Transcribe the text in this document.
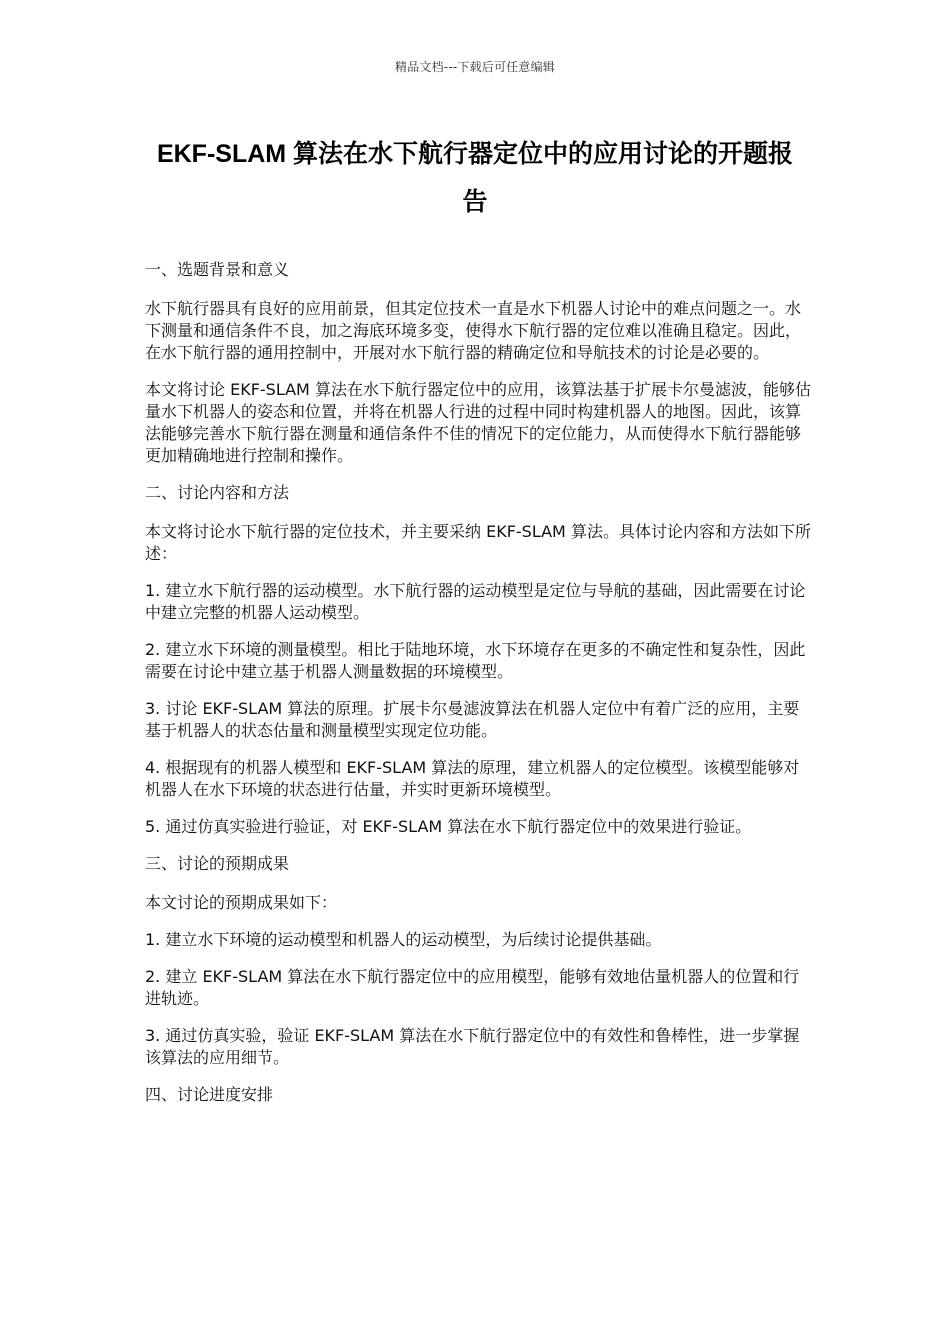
精品文档---下载后可任意编辑
EKF-SLAM 算法在水下航行器定位中的应用讨论的开题报告

一、选题背景和意义

水下航行器具有良好的应用前景，但其定位技术一直是水下机器人讨论中的难点问题之一。水下测量和通信条件不良，加之海底环境多变，使得水下航行器的定位难以准确且稳定。因此，在水下航行器的通用控制中，开展对水下航行器的精确定位和导航技术的讨论是必要的。

本文将讨论 EKF-SLAM 算法在水下航行器定位中的应用，该算法基于扩展卡尔曼滤波，能够估量水下机器人的姿态和位置，并将在机器人行进的过程中同时构建机器人的地图。因此，该算法能够完善水下航行器在测量和通信条件不佳的情况下的定位能力，从而使得水下航行器能够更加精确地进行控制和操作。

二、讨论内容和方法

本文将讨论水下航行器的定位技术，并主要采纳 EKF-SLAM 算法。具体讨论内容和方法如下所述：

1. 建立水下航行器的运动模型。水下航行器的运动模型是定位与导航的基础，因此需要在讨论中建立完整的机器人运动模型。

2. 建立水下环境的测量模型。相比于陆地环境，水下环境存在更多的不确定性和复杂性，因此需要在讨论中建立基于机器人测量数据的环境模型。

3. 讨论 EKF-SLAM 算法的原理。扩展卡尔曼滤波算法在机器人定位中有着广泛的应用，主要基于机器人的状态估量和测量模型实现定位功能。

4. 根据现有的机器人模型和 EKF-SLAM 算法的原理，建立机器人的定位模型。该模型能够对机器人在水下环境的状态进行估量，并实时更新环境模型。

5. 通过仿真实验进行验证，对 EKF-SLAM 算法在水下航行器定位中的效果进行验证。

三、讨论的预期成果

本文讨论的预期成果如下：

1. 建立水下环境的运动模型和机器人的运动模型，为后续讨论提供基础。

2. 建立 EKF-SLAM 算法在水下航行器定位中的应用模型，能够有效地估量机器人的位置和行进轨迹。

3. 通过仿真实验，验证 EKF-SLAM 算法在水下航行器定位中的有效性和鲁棒性，进一步掌握该算法的应用细节。

四、讨论进度安排
